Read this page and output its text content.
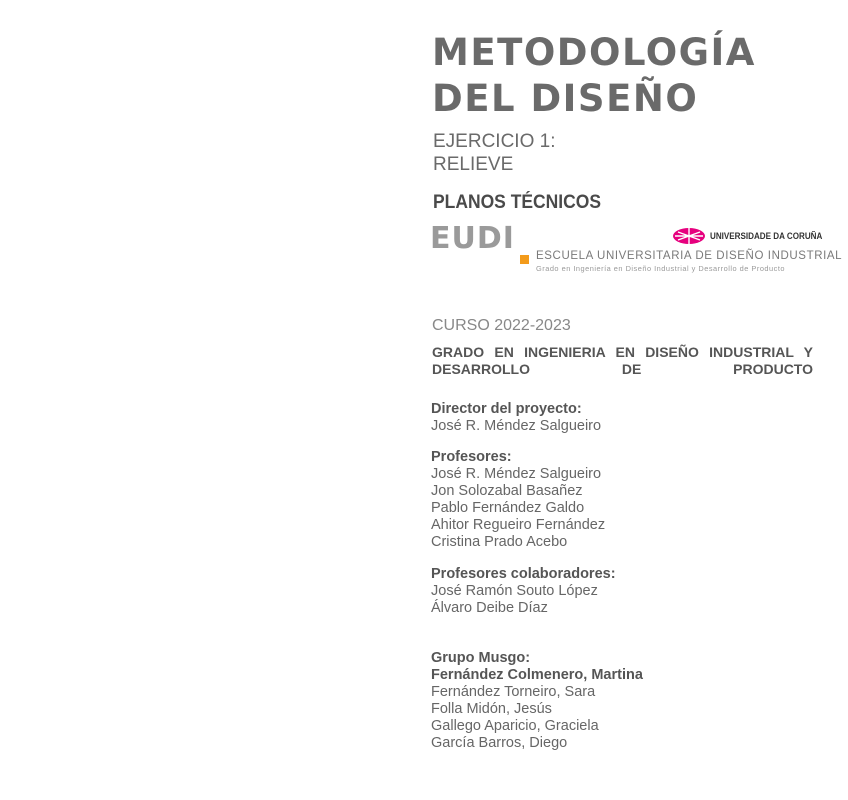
METODOLOGÍA
DEL DISEÑO
EJERCICIO 1:
RELIEVE
PLANOS TÉCNICOS
EUDI ESCUELA UNIVERSITARIA DE DISEÑO INDUSTRIAL
Grado en Ingeniería en Diseño Industrial y Desarrollo de Producto
UNIVERSIDADE DA CORUÑA
CURSO 2022-2023
GRADO EN INGENIERIA EN DISEÑO INDUSTRIAL Y DESARROLLO DE PRODUCTO
Director del proyecto:
José R. Méndez Salgueiro
Profesores:
José R. Méndez Salgueiro
Jon Solozabal Basañez
Pablo Fernández Galdo
Ahitor Regueiro Fernández
Cristina Prado Acebo
Profesores colaboradores:
José Ramón Souto López
Álvaro Deibe Díaz
Grupo Musgo:
Fernández Colmenero, Martina
Fernández Torneiro, Sara
Folla Midón, Jesús
Gallego Aparicio, Graciela
García Barros, Diego
